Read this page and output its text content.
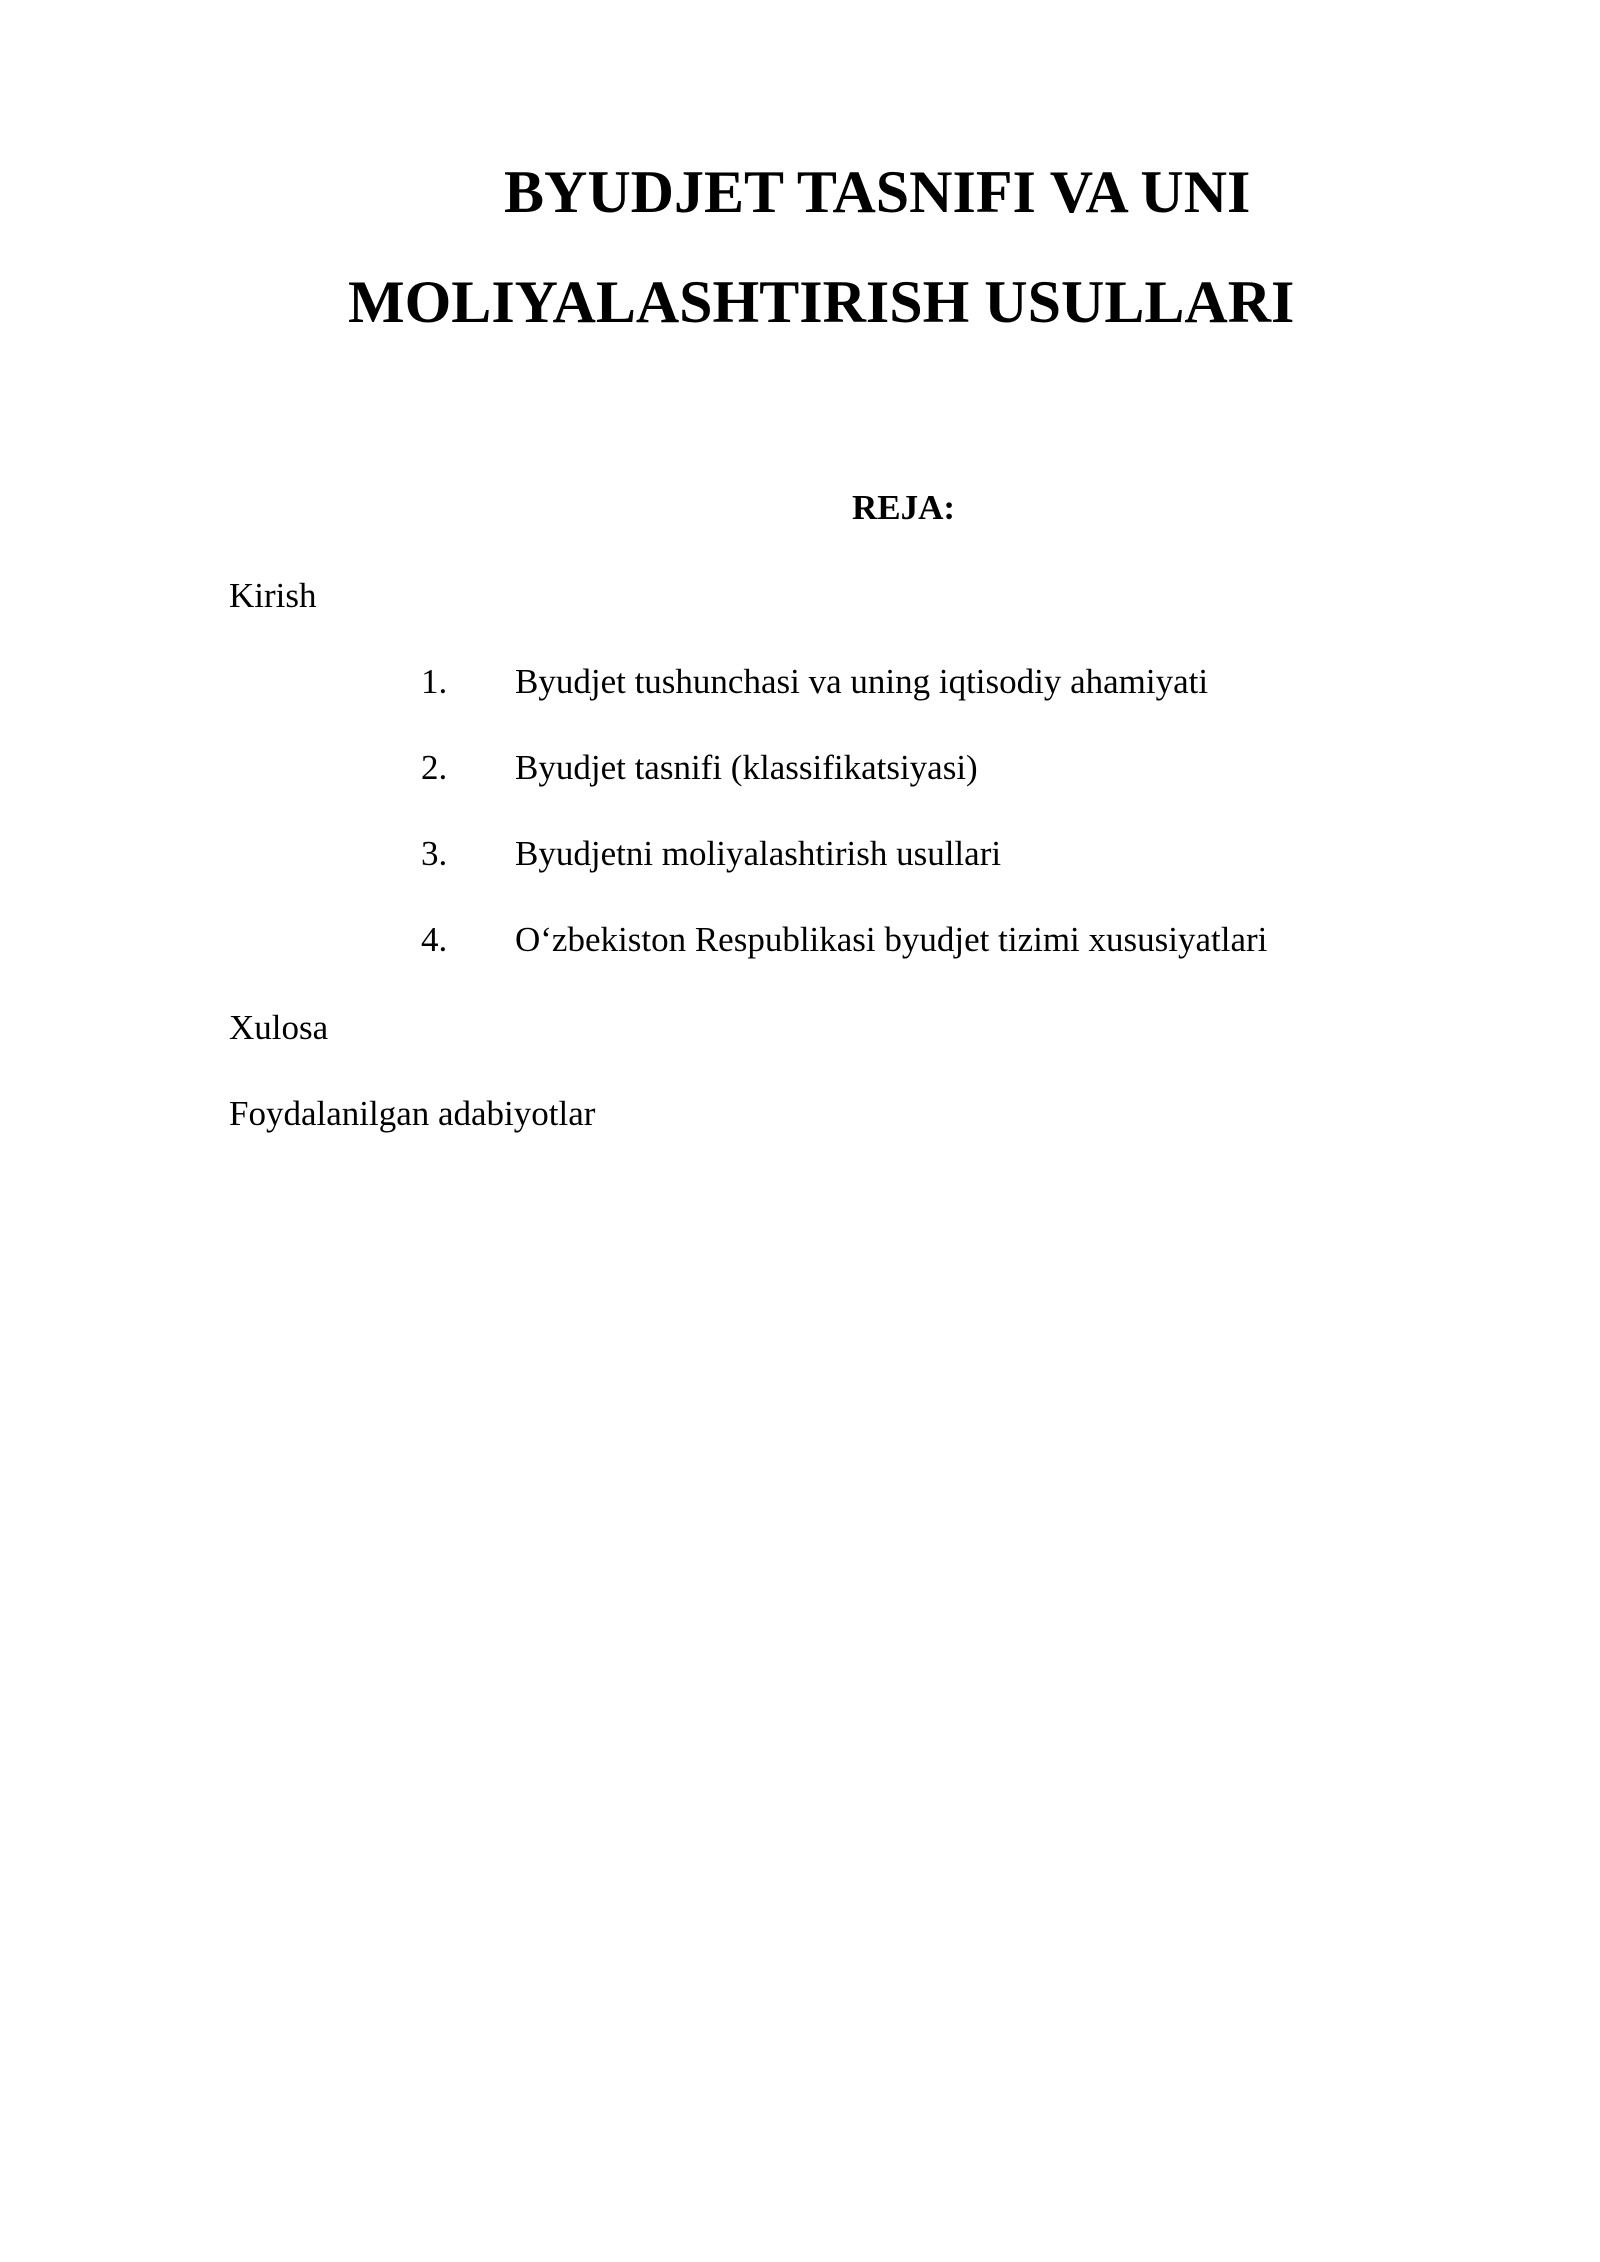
BYUDJET TASNIFI VA UNI
MOLIYALASHTIRISH USULLARI
REJA:
Kirish
1. Byudjet tushunchasi va uning iqtisodiy ahamiyati
2. Byudjet tasnifi (klassifikatsiyasi)
3. Byudjetni moliyalashtirish usullari
4. O‘zbekiston Respublikasi byudjet tizimi xususiyatlari
Xulosa
Foydalanilgan adabiyotlar
